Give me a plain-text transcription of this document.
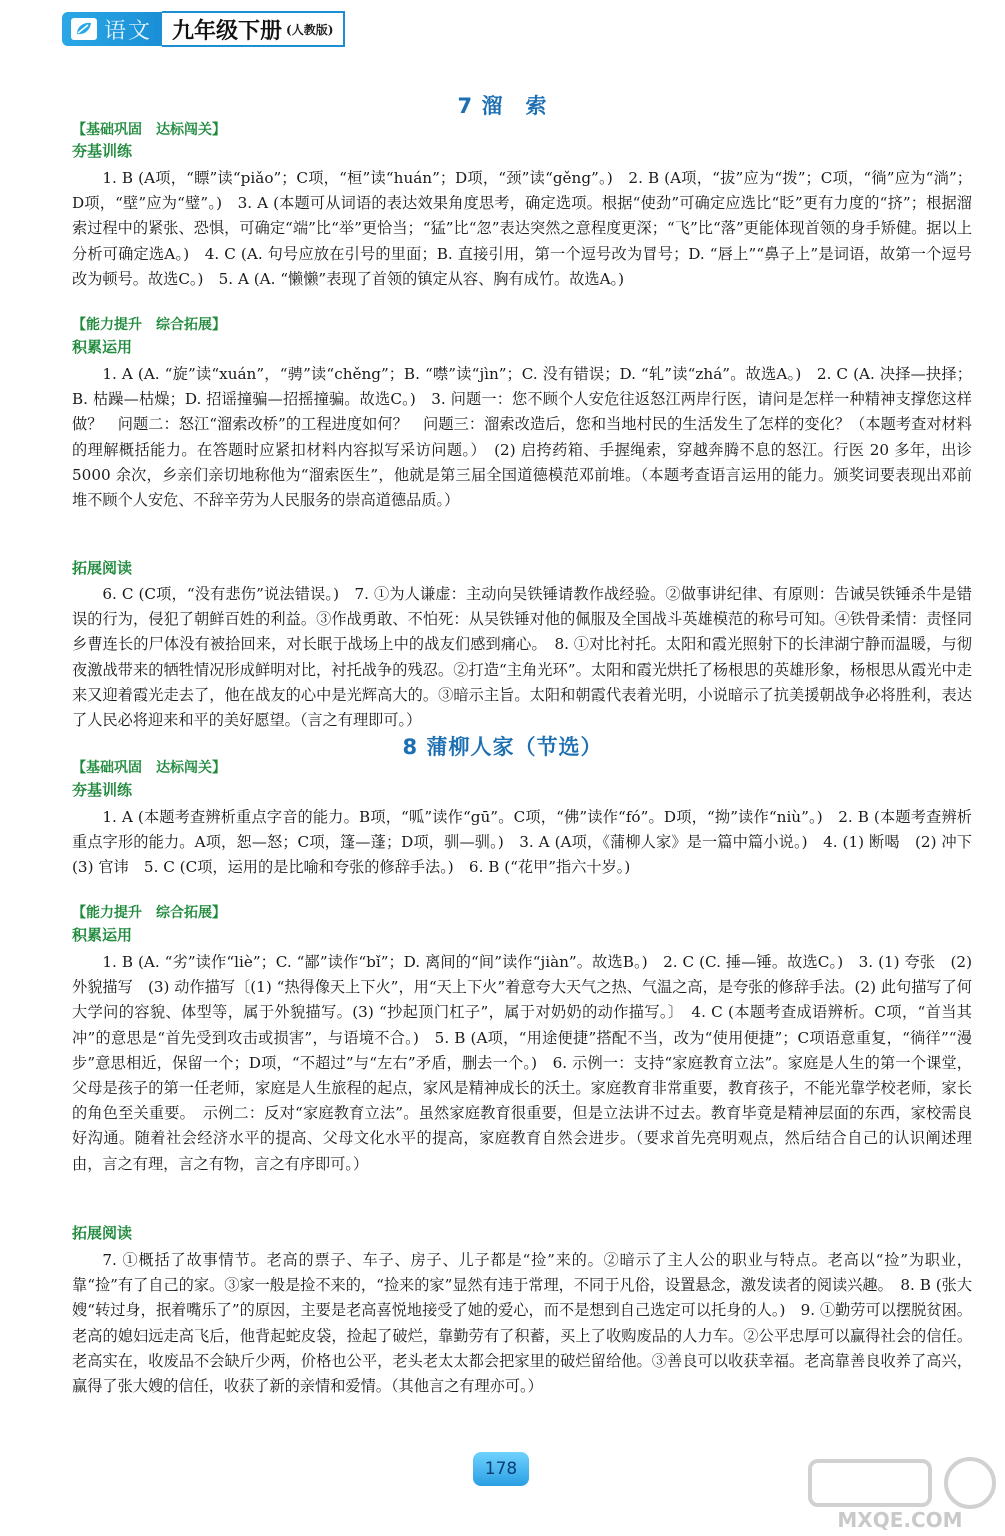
语文 九年级下册 (人教版)
7 溜　索
【基础巩固　达标闯关】
夯基训练

1. B (A项，“瞟”读“piǎo”；C项，“桓”读“huán”；D项，“颈”读“gěng”。)　2. B (A项，“拔”应为“拨”；C项，“徜”应为“淌”；D项，“壁”应为“璧”。)　3. A (本题可从词语的表达效果角度思考，确定选项。根据“使劲”可确定应选比“眨”更有力度的“挤”；根据溜索过程中的紧张、恐惧，可确定“端”比“举”更恰当；“猛”比“忽”表达突然之意程度更深；“飞”比“落”更能体现首领的身手矫健。据以上分析可确定选A。)　4. C (A. 句号应放在引号的里面；B. 直接引用，第一个逗号改为冒号；D. “唇上”“鼻子上”是词语，故第一个逗号改为顿号。故选C。)　5. A (A. “懒懒”表现了首领的镇定从容、胸有成竹。故选A。)

【能力提升　综合拓展】
积累运用

1. A (A. “旋”读“xuán”，“骋”读“chěng”；B. “噤”读“jìn”；C. 没有错误；D. “轧”读“zhá”。故选A。)　2. C (A. 决择—抉择；B. 枯躁—枯燥；D. 招谣撞骗—招摇撞骗。故选C。)　3. 问题一：您不顾个人安危往返怒江两岸行医，请问是怎样一种精神支撑您这样做？　问题二：怒江“溜索改桥”的工程进度如何？　问题三：溜索改造后，您和当地村民的生活发生了怎样的变化？（本题考查对材料的理解概括能力。在答题时应紧扣材料内容拟写采访问题。）　(2) 启挎药箱、手握绳索，穿越奔腾不息的怒江。行医 20 多年，出诊 5000 余次，乡亲们亲切地称他为“溜索医生”，他就是第三届全国道德模范邓前堆。（本题考查语言运用的能力。颁奖词要表现出邓前堆不顾个人安危、不辞辛劳为人民服务的崇高道德品质。）

拓展阅读

6. C (C项，“没有悲伤”说法错误。)　7. ①为人谦虚：主动向吴铁锤请教作战经验。②做事讲纪律、有原则：告诫吴铁锤杀牛是错误的行为，侵犯了朝鲜百姓的利益。③作战勇敢、不怕死：从吴铁锤对他的佩服及全国战斗英雄模范的称号可知。④铁骨柔情：责怪同乡曹连长的尸体没有被拾回来，对长眠于战场上中的战友们感到痛心。　8. ①对比衬托。太阳和霞光照射下的长津湖宁静而温暖，与彻夜激战带来的牺牲情况形成鲜明对比，衬托战争的残忍。②打造“主角光环”。太阳和霞光烘托了杨根思的英雄形象，杨根思从霞光中走来又迎着霞光走去了，他在战友的心中是光辉高大的。③暗示主旨。太阳和朝霞代表着光明，小说暗示了抗美援朝战争必将胜利，表达了人民必将迎来和平的美好愿望。（言之有理即可。）

8 蒲柳人家（节选）
【基础巩固　达标闯关】
夯基训练

1. A (本题考查辨析重点字音的能力。B项，“呱”读作“gū”。C项，“佛”读作“fó”。D项，“拗”读作“niù”。)　2. B (本题考查辨析重点字形的能力。A项，恕—怒；C项，篷—蓬；D项，驯—驯。)　3. A (A项，《蒲柳人家》是一篇中篇小说。)　4. (1) 断喝　(2) 冲下　(3) 官讳　5. C (C项，运用的是比喻和夸张的修辞手法。)　6. B (“花甲”指六十岁。)

【能力提升　综合拓展】
积累运用

1. B (A. “劣”读作“liè”；C. “鄙”读作“bǐ”；D. 离间的“间”读作“jiàn”。故选B。)　2. C (C. 捶—锤。故选C。)　3. (1) 夸张　(2) 外貌描写　(3) 动作描写〔(1) “热得像天上下火”，用“天上下火”着意夸大天气之热、气温之高，是夸张的修辞手法。(2) 此句描写了何大学问的容貌、体型等，属于外貌描写。(3) “抄起顶门杠子”，属于对奶奶的动作描写。〕　4. C (本题考查成语辨析。C项，“首当其冲”的意思是“首先受到攻击或损害”，与语境不合。)　5. B (A项，“用途便捷”搭配不当，改为“使用便捷”；C项语意重复，“徜徉”“漫步”意思相近，保留一个；D项，“不超过”与“左右”矛盾，删去一个。)　6. 示例一：支持“家庭教育立法”。家庭是人生的第一个课堂，父母是孩子的第一任老师，家庭是人生旅程的起点，家风是精神成长的沃土。家庭教育非常重要，教育孩子，不能光靠学校老师，家长的角色至关重要。　示例二：反对“家庭教育立法”。虽然家庭教育很重要，但是立法讲不过去。教育毕竟是精神层面的东西，家校需良好沟通。随着社会经济水平的提高、父母文化水平的提高，家庭教育自然会进步。（要求首先亮明观点，然后结合自己的认识阐述理由，言之有理，言之有物，言之有序即可。）

拓展阅读

7. ①概括了故事情节。老高的票子、车子、房子、儿子都是“捡”来的。②暗示了主人公的职业与特点。老高以“捡”为职业，靠“捡”有了自己的家。③家一般是捡不来的，“捡来的家”显然有违于常理，不同于凡俗，设置悬念，激发读者的阅读兴趣。　8. B (张大嫂“转过身，抿着嘴乐了”的原因，主要是老高喜悦地接受了她的爱心，而不是想到自己选定可以托身的人。)　9. ①勤劳可以摆脱贫困。老高的媳妇远走高飞后，他背起蛇皮袋，捡起了破烂，靠勤劳有了积蓄，买上了收购废品的人力车。②公平忠厚可以赢得社会的信任。老高实在，收废品不会缺斤少两，价格也公平，老头老太太都会把家里的破烂留给他。③善良可以收获幸福。老高靠善良收养了高兴，赢得了张大嫂的信任，收获了新的亲情和爱情。（其他言之有理亦可。）

178
MXQE.COM
